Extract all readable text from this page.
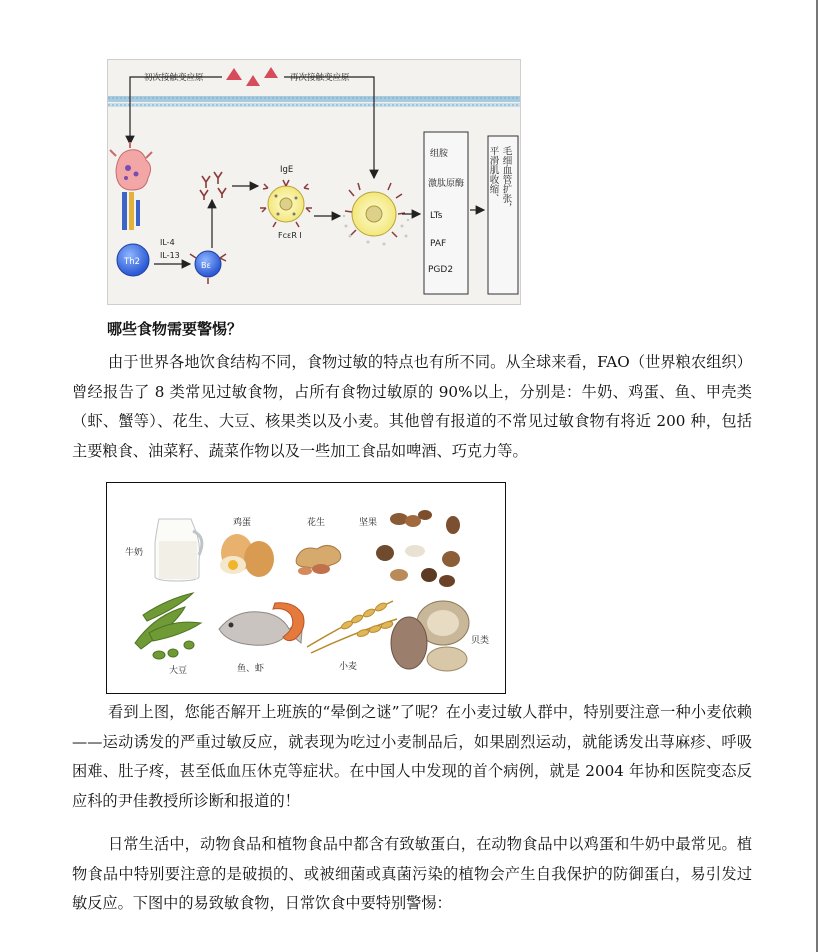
初次接触变应原	再次接触变应原
Th2
IL-4
IL-13
Bε
IgE
FcεR I
组胺
激肽原酶
LTs
PAF
PGD2
平滑肌收缩、 毛细血管扩张，
哪些食物需要警惕？
由于世界各地饮食结构不同，食物过敏的特点也有所不同。从全球来看，FAO（世界粮农组织）曾经报告了 8 类常见过敏食物，占所有食物过敏原的 90%以上，分别是：牛奶、鸡蛋、鱼、甲壳类（虾、蟹等）、花生、大豆、核果类以及小麦。其他曾有报道的不常见过敏食物有将近 200 种，包括主要粮食、油菜籽、蔬菜作物以及一些加工食品如啤酒、巧克力等。
牛奶
鸡蛋	花生	坚果
大豆	鱼、虾	小麦
贝类
看到上图，您能否解开上班族的“晕倒之谜”了呢？在小麦过敏人群中，特别要注意一种小麦依赖——运动诱发的严重过敏反应，就表现为吃过小麦制品后，如果剧烈运动，就能诱发出荨麻疹、呼吸困难、肚子疼，甚至低血压休克等症状。在中国人中发现的首个病例，就是 2004 年协和医院变态反应科的尹佳教授所诊断和报道的！
日常生活中，动物食品和植物食品中都含有致敏蛋白，在动物食品中以鸡蛋和牛奶中最常见。植物食品中特别要注意的是破损的、或被细菌或真菌污染的植物会产生自我保护的防御蛋白，易引发过敏反应。下图中的易致敏食物，日常饮食中要特别警惕：
